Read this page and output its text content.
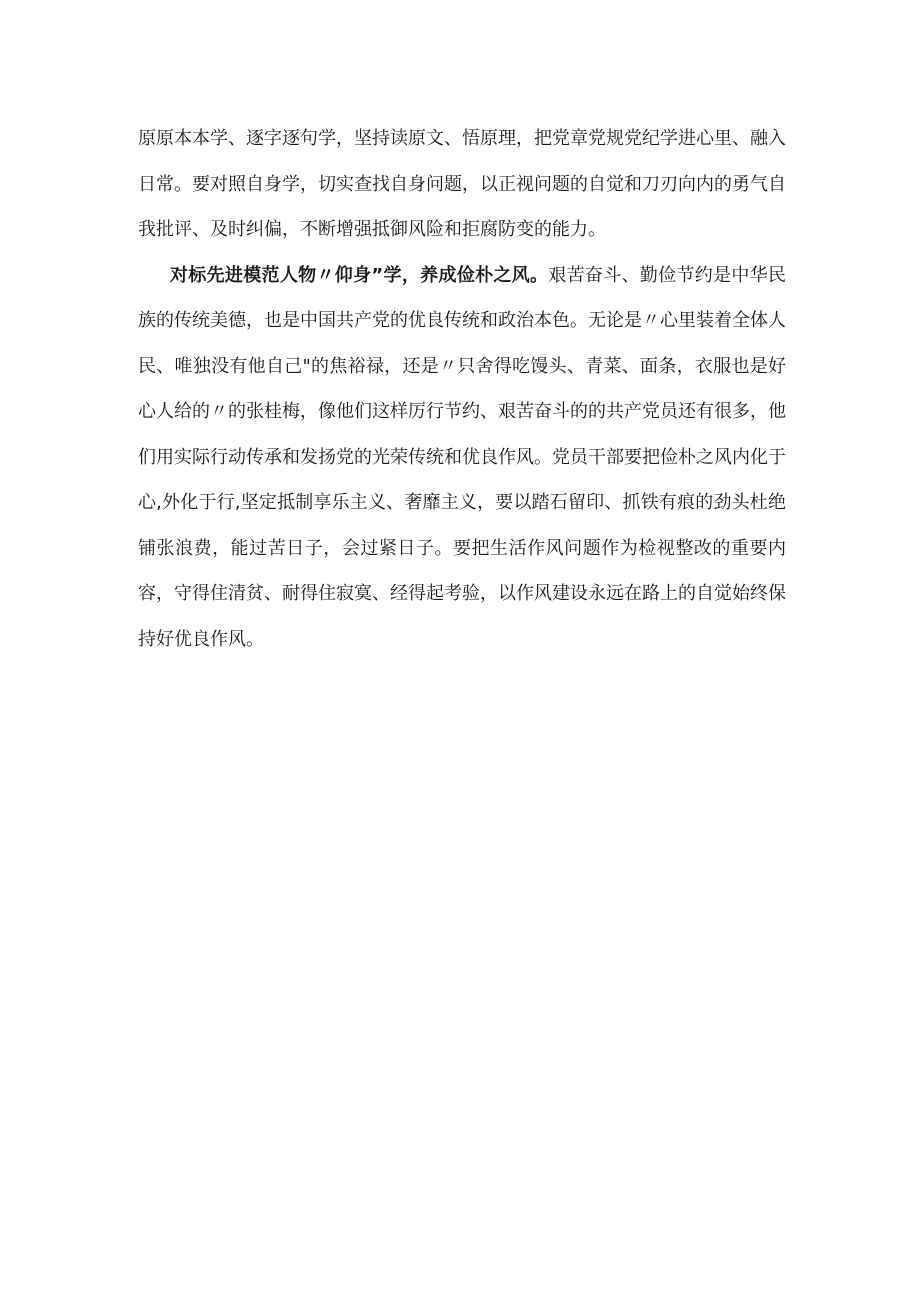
原原本本学、逐字逐句学，坚持读原文、悟原理，把党章党规党纪学进心里、融入日常。要对照自身学，切实查找自身问题，以正视问题的自觉和刀刃向内的勇气自我批评、及时纠偏，不断增强抵御风险和拒腐防变的能力。

对标先进模范人物〃仰身”学，养成俭朴之风。艰苦奋斗、勤俭节约是中华民族的传统美德，也是中国共产党的优良传统和政治本色。无论是〃心里装着全体人民、唯独没有他自己"的焦裕禄，还是〃只舍得吃馒头、青菜、面条，衣服也是好心人给的〃的张桂梅，像他们这样厉行节约、艰苦奋斗的的共产党员还有很多，他们用实际行动传承和发扬党的光荣传统和优良作风。党员干部要把俭朴之风内化于心,外化于行,坚定抵制享乐主义、奢靡主义，要以踏石留印、抓铁有痕的劲头杜绝铺张浪费，能过苦日子，会过紧日子。要把生活作风问题作为检视整改的重要内容，守得住清贫、耐得住寂寞、经得起考验，以作风建设永远在路上的自觉始终保持好优良作风。
